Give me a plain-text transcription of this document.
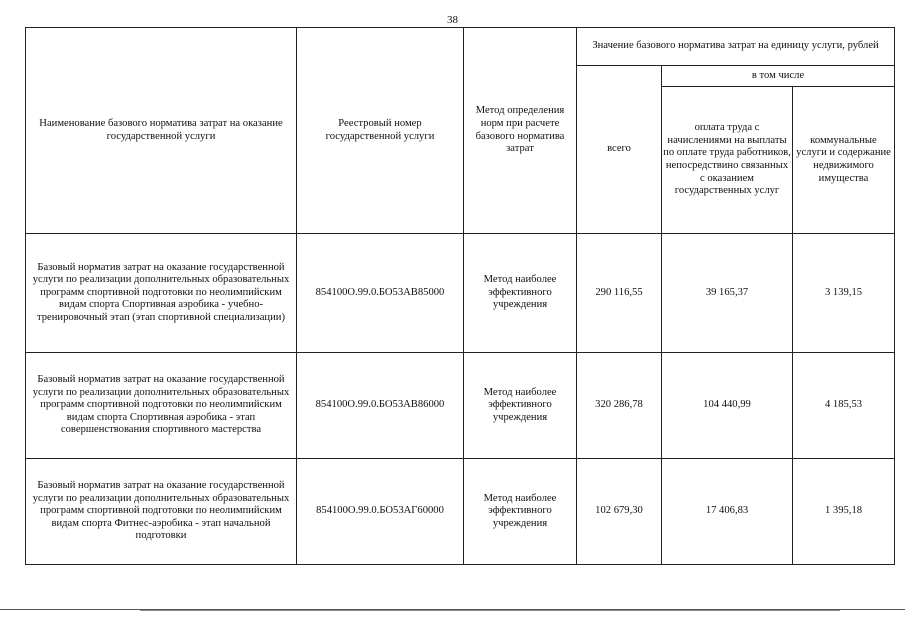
38
Наименование базового норматива затрат на оказание государственной услуги	Реестровый номер государственной услуги	Метод определения норм при расчете базового норматива затрат	Значение базового норматива затрат на единицу услуги, рублей		
			всего	в том числе	
				оплата труда с начислениями на выплаты по оплате труда работников, непосредствино связанных с оказанием государственных услуг	коммунальные услуги и содержание недвижимого имущества
Базовый норматив затрат на оказание государственной услуги по реализации дополнительных образовательных программ спортивной подготовки по неолимпийским видам спорта Спортивная аэробика - учебно-тренировочный этап (этап спортивной специализации)	854100О.99.0.БО53АВ85000	Метод наиболее эффективного учреждения	290 116,55	39 165,37	3 139,15
Базовый норматив затрат на оказание государственной услуги по реализации дополнительных образовательных программ спортивной подготовки по неолимпийским видам спорта Спортивная аэробика - этап совершенствования спортивного мастерства	854100О.99.0.БО53АВ86000	Метод наиболее эффективного учреждения	320 286,78	104 440,99	4 185,53
Базовый норматив затрат на оказание государственной услуги по реализации дополнительных образовательных программ спортивной подготовки по неолимпийским видам спорта Фитнес-аэробика - этап начальной подготовки	854100О.99.0.БО53АГ60000	Метод наиболее эффективного учреждения	102 679,30	17 406,83	1 395,18
